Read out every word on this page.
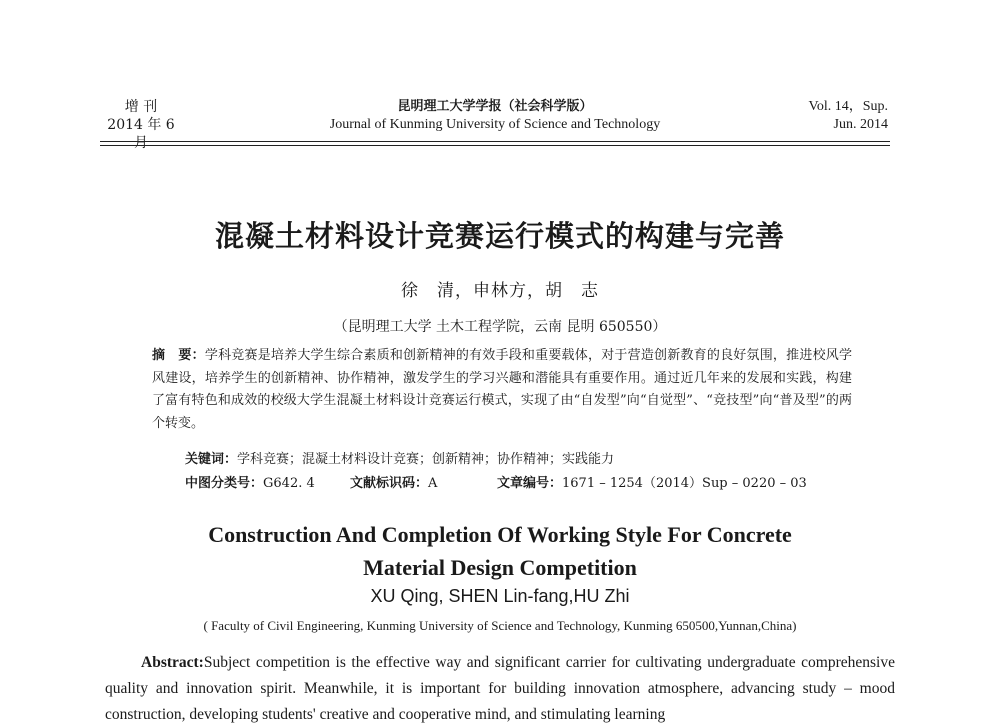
增 刊
2014 年 6 月
昆明理工大学学报（社会科学版）
Journal of Kunming University of Science and Technology
Vol. 14，Sup.
Jun. 2014
混凝土材料设计竞赛运行模式的构建与完善
徐　清，申林方，胡　志
（昆明理工大学 土木工程学院，云南 昆明 650550）
摘　要：学科竞赛是培养大学生综合素质和创新精神的有效手段和重要载体，对于营造创新教育的良好氛围，推进校风学风建设，培养学生的创新精神、协作精神，激发学生的学习兴趣和潜能具有重要作用。通过近几年来的发展和实践，构建了富有特色和成效的校级大学生混凝土材料设计竞赛运行模式，实现了由“自发型”向“自觉型”、“竞技型”向“普及型”的两个转变。
关键词：学科竞赛；混凝土材料设计竞赛；创新精神；协作精神；实践能力
中图分类号：G642. 4	文献标识码：A	文章编号：1671 – 1254（2014）Sup – 0220 – 03
Construction And Completion Of Working Style For Concrete
Material Design Competition
XU Qing, SHEN Lin-fang,HU Zhi
( Faculty of Civil Engineering, Kunming University of Science and Technology, Kunming 650500,Yunnan,China)
Abstract:Subject competition is the effective way and significant carrier for cultivating undergraduate comprehensive quality and innovation spirit. Meanwhile, it is important for building innovation atmosphere, advancing study – mood construction, developing students' creative and cooperative mind, and stimulating learning
